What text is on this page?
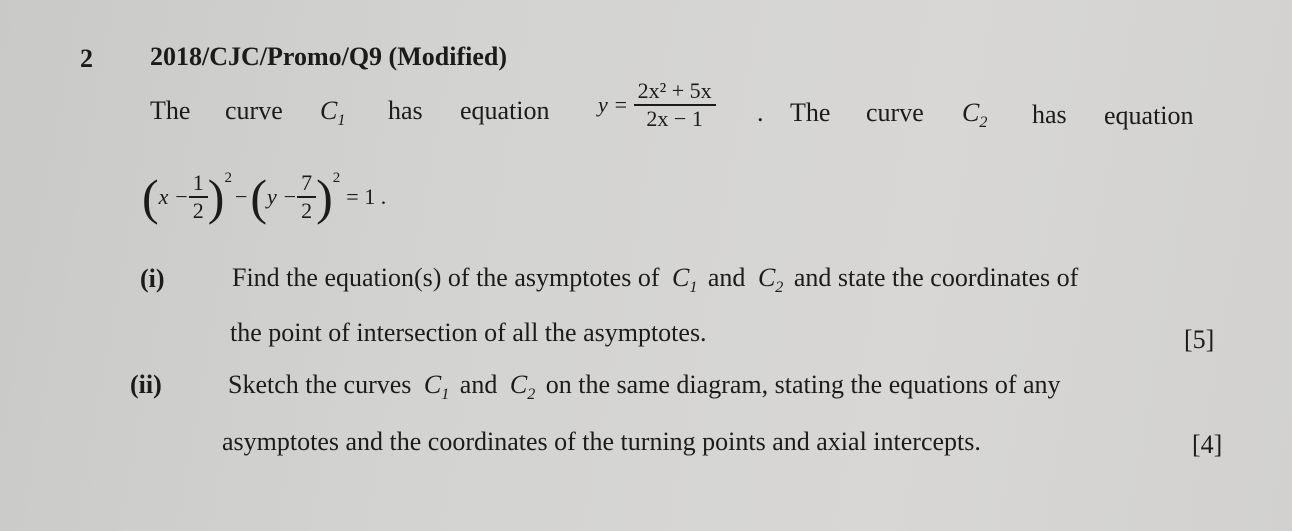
2 2018/CJC/Promo/Q9 (Modified)
The curve $C_1$ has equation $y = \frac{\text{2x² + 5x}}{2x - 1}$ . The curve $C_2$ has equation
( $x - \frac{1}{2}$ ) 2
− ( $y - \frac{7}{2}$ ) 2
= 1 .
(i)	Find the equation(s) of the asymptotes of $C_1$ and $C_2$ and state the coordinates of
the point of intersection of all the asymptotes.	[5]
(ii)	Sketch the curves $C_1$ and $C_2$ on the same diagram, stating the equations of any
asymptotes and the coordinates of the turning points and axial intercepts.	[4]
